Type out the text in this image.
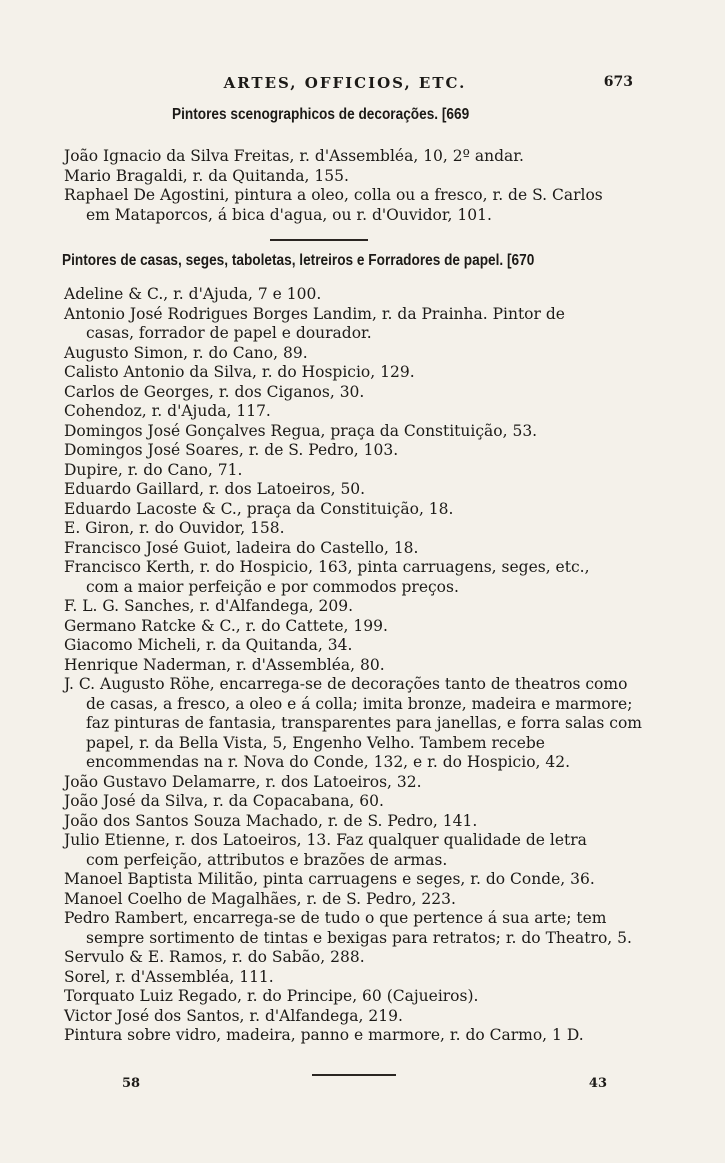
ARTES, OFFICIOS, ETC.	673
Pintores scenographicos de decorações. [669
João Ignacio da Silva Freitas, r. d'Assembléa, 10, 2º andar.
Mario Bragaldi, r. da Quitanda, 155.
Raphael De Agostini, pintura a oleo, colla ou a fresco, r. de S. Carlos
em Mataporcos, á bica d'agua, ou r. d'Ouvidor, 101.
Pintores de casas, seges, taboletas, letreiros e Forradores de papel. [670
Adeline & C., r. d'Ajuda, 7 e 100.
Antonio José Rodrigues Borges Landim, r. da Prainha. Pintor de
casas, forrador de papel e dourador.
Augusto Simon, r. do Cano, 89.
Calisto Antonio da Silva, r. do Hospicio, 129.
Carlos de Georges, r. dos Ciganos, 30.
Cohendoz, r. d'Ajuda, 117.
Domingos José Gonçalves Regua, praça da Constituição, 53.
Domingos José Soares, r. de S. Pedro, 103.
Dupire, r. do Cano, 71.
Eduardo Gaillard, r. dos Latoeiros, 50.
Eduardo Lacoste & C., praça da Constituição, 18.
E. Giron, r. do Ouvidor, 158.
Francisco José Guiot, ladeira do Castello, 18.
Francisco Kerth, r. do Hospicio, 163, pinta carruagens, seges, etc.,
com a maior perfeição e por commodos preços.
F. L. G. Sanches, r. d'Alfandega, 209.
Germano Ratcke & C., r. do Cattete, 199.
Giacomo Micheli, r. da Quitanda, 34.
Henrique Naderman, r. d'Assembléa, 80.
J. C. Augusto Röhe, encarrega-se de decorações tanto de theatros como
de casas, a fresco, a oleo e á colla; imita bronze, madeira e marmore; faz pinturas de fantasia, transparentes para janellas, e forra salas com papel, r. da Bella Vista, 5, Engenho Velho. Tambem recebe encommendas na r. Nova do Conde, 132, e r. do Hospicio, 42.
João Gustavo Delamarre, r. dos Latoeiros, 32.
João José da Silva, r. da Copacabana, 60.
João dos Santos Souza Machado, r. de S. Pedro, 141.
Julio Etienne, r. dos Latoeiros, 13. Faz qualquer qualidade de letra
com perfeição, attributos e brazões de armas.
Manoel Baptista Militão, pinta carruagens e seges, r. do Conde, 36.
Manoel Coelho de Magalhães, r. de S. Pedro, 223.
Pedro Rambert, encarrega-se de tudo o que pertence á sua arte; tem
sempre sortimento de tintas e bexigas para retratos; r. do Theatro, 5.
Servulo & E. Ramos, r. do Sabão, 288.
Sorel, r. d'Assembléa, 111.
Torquato Luiz Regado, r. do Principe, 60 (Cajueiros).
Victor José dos Santos, r. d'Alfandega, 219.
Pintura sobre vidro, madeira, panno e marmore, r. do Carmo, 1 D.
58	43
